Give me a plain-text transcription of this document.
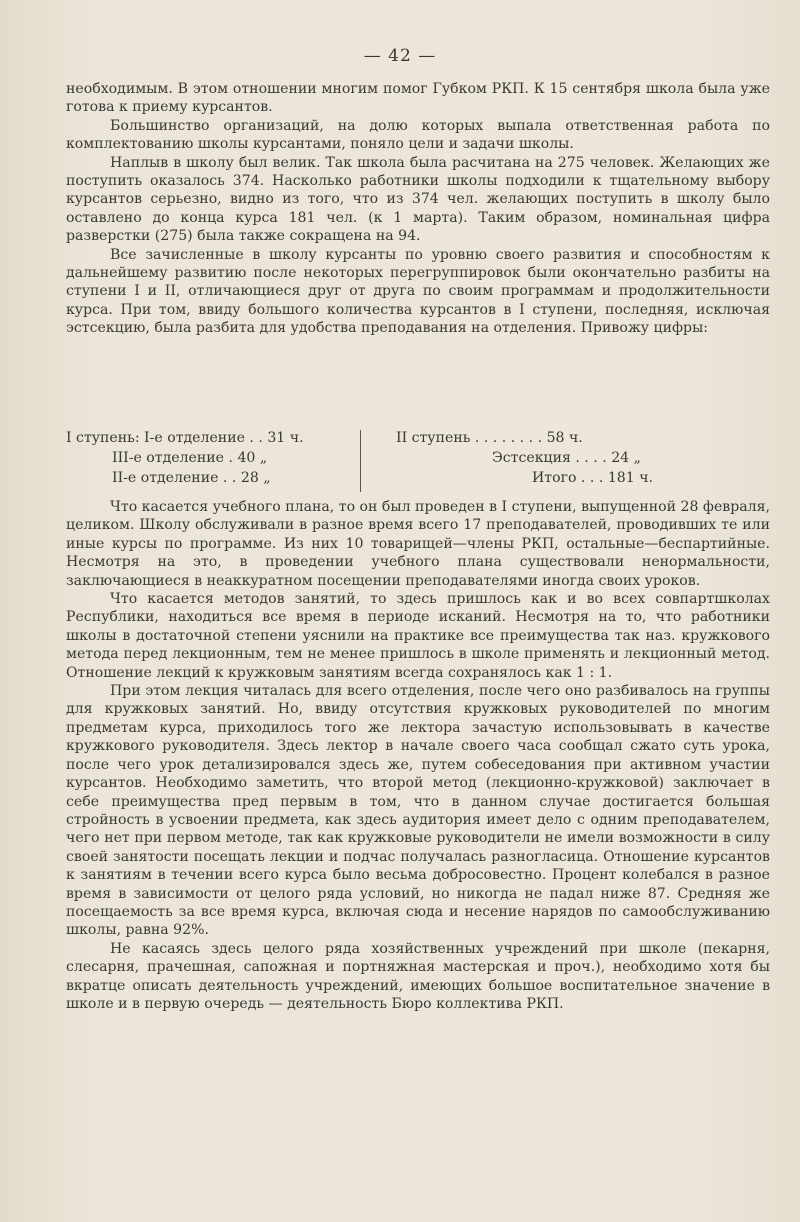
— 42 —

необходимым. В этом отношении многим помог Губком РКП. К 15 сентября школа была уже готова к приему курсантов.

Большинство организаций, на долю которых выпала ответственная работа по комплектованию школы курсантами, поняло цели и задачи школы.

Наплыв в школу был велик. Так школа была расчитана на 275 человек. Желающих же поступить оказалось 374. Насколько работники школы подходили к тщательному выбору курсантов серьезно, видно из того, что из 374 чел. желающих поступить в школу было оставлено до конца курса 181 чел. (к 1 марта). Таким образом, номинальная цифра разверстки (275) была также сокращена на 94.

Все зачисленные в школу курсанты по уровню своего развития и способностям к дальнейшему развитию после некоторых перегруппировок были окончательно разбиты на ступени I и II, отличающиеся друг от друга по своим программам и продолжительности курса. При том, ввиду большого количества курсантов в I ступени, последняя, исключая эстсекцию, была разбита для удобства преподавания на отделения. Привожу цифры:

I ступень: I-е отделение . . 31 ч.
III-е отделение . 40 „
II-е отделение . . 28 „
II ступень . . . . . . . . 58 ч.
Эстсекция . . . . 24 „
Итого . . . 181 ч.

Что касается учебного плана, то он был проведен в I ступени, выпущенной 28 февраля, целиком. Школу обслуживали в разное время всего 17 преподавателей, проводивших те или иные курсы по программе. Из них 10 товарищей—члены РКП, остальные—беспартийные. Несмотря на это, в проведении учебного плана существовали ненормальности, заключающиеся в неаккуратном посещении преподавателями иногда своих уроков.

Что касается методов занятий, то здесь пришлось как и во всех совпартшколах Республики, находиться все время в периоде исканий. Несмотря на то, что работники школы в достаточной степени уяснили на практике все преимущества так наз. кружкового метода перед лекционным, тем не менее пришлось в школе применять и лекционный метод. Отношение лекций к кружковым занятиям всегда сохранялось как 1 : 1.

При этом лекция читалась для всего отделения, после чего оно разбивалось на группы для кружковых занятий. Но, ввиду отсутствия кружковых руководителей по многим предметам курса, приходилось того же лектора зачастую использовывать в качестве кружкового руководителя. Здесь лектор в начале своего часа сообщал сжато суть урока, после чего урок детализировался здесь же, путем собеседования при активном участии курсантов. Необходимо заметить, что второй метод (лекционно-кружковой) заключает в себе преимущества пред первым в том, что в данном случае достигается большая стройность в усвоении предмета, как здесь аудитория имеет дело с одним преподавателем, чего нет при первом методе, так как кружковые руководители не имели возможности в силу своей занятости посещать лекции и подчас получалась разногласица. Отношение курсантов к занятиям в течении всего курса было весьма добросовестно. Процент колебался в разное время в зависимости от целого ряда условий, но никогда не падал ниже 87. Средняя же посещаемость за все время курса, включая сюда и несение нарядов по самообслуживанию школы, равна 92%.

Не касаясь здесь целого ряда хозяйственных учреждений при школе (пекарня, слесарня, прачешная, сапожная и портняжная мастерская и проч.), необходимо хотя бы вкратце описать деятельность учреждений, имеющих большое воспитательное значение в школе и в первую очередь — деятельность Бюро коллектива РКП.
